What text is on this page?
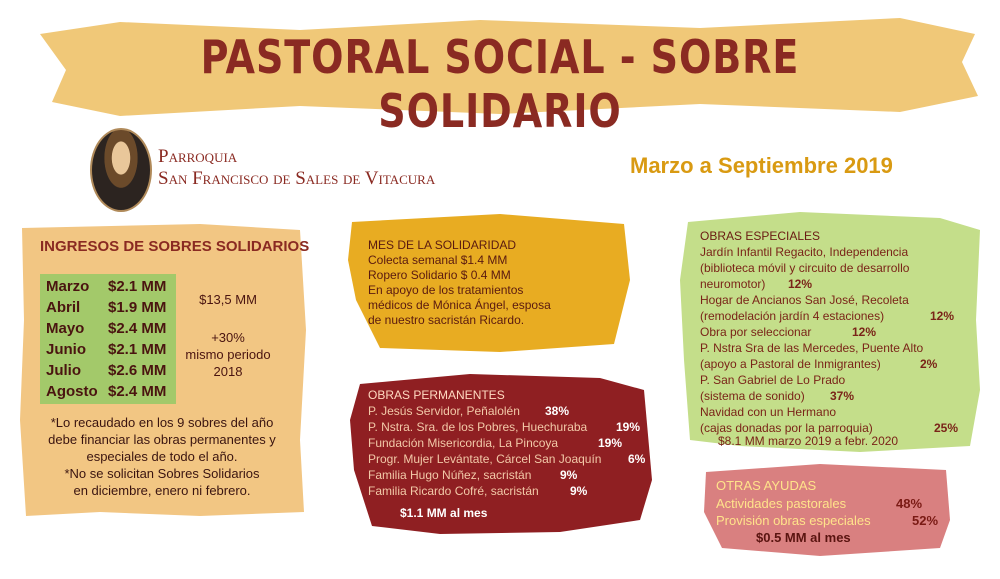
PASTORAL SOCIAL - SOBRE SOLIDARIO
Parroquia
San Francisco de Sales de Vitacura
Marzo a Septiembre 2019
INGRESOS DE SOBRES SOLIDARIOS
Marzo $2.1 MM
Abril $1.9 MM
Mayo $2.4 MM
Junio $2.1 MM
Julio $2.6 MM
Agosto $2.4 MM
$13,5 MM
+30%
mismo periodo
2018
*Lo recaudado en los 9 sobres del año
debe financiar las obras permanentes y
especiales de todo el año.
*No se solicitan Sobres Solidarios
en diciembre, enero ni febrero.
MES DE LA SOLIDARIDAD
Colecta semanal $1.4 MM
Ropero Solidario $ 0.4 MM
En apoyo de los tratamientos
médicos de Mónica Ángel, esposa
de nuestro sacristán Ricardo.
OBRAS PERMANENTES
P. Jesús Servidor, Peñalolén 38%
P. Nstra. Sra. de los Pobres, Huechuraba 19%
Fundación Misericordia, La Pincoya	19%
Progr. Mujer Levántate, Cárcel San Joaquín 6%
Familia Hugo Núñez, sacristán 9%
Familia Ricardo Cofré, sacristán	9%
$1.1 MM al mes
OBRAS ESPECIALES
Jardín Infantil Regacito, Independencia
(biblioteca móvil y circuito de desarrollo
neuromotor) 12%
Hogar de Ancianos San José, Recoleta
(remodelación jardín 4 estaciones)	12%
Obra por seleccionar	12%
P. Nstra Sra de las Mercedes, Puente Alto
(apoyo a Pastoral de Inmigrantes)	2%
P. San Gabriel de Lo Prado
(sistema de sonido) 37%
Navidad con un Hermano
(cajas donadas por la parroquia)	25%
$8.1 MM marzo 2019 a febr. 2020
OTRAS AYUDAS
Actividades pastorales	48%
Provisión obras especiales	52%
$0.5 MM al mes
